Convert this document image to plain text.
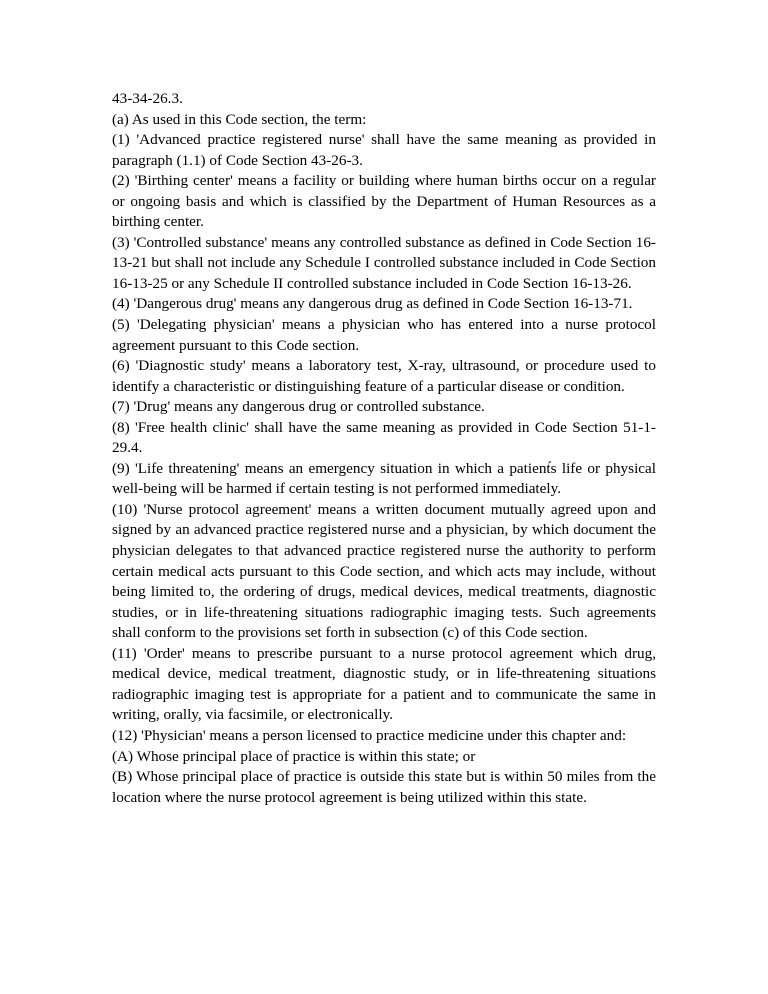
43-34-26.3.

(a) As used in this Code section, the term:

(1) 'Advanced practice registered nurse' shall have the same meaning as provided in paragraph (1.1) of Code Section 43-26-3.

(2) 'Birthing center' means a facility or building where human births occur on a regular or ongoing basis and which is classified by the Department of Human Resources as a birthing center.

(3) 'Controlled substance' means any controlled substance as defined in Code Section 16-13-21 but shall not include any Schedule I controlled substance included in Code Section 16-13-25 or any Schedule II controlled substance included in Code Section 16-13-26.

(4) 'Dangerous drug' means any dangerous drug as defined in Code Section 16-13-71.

(5) 'Delegating physician' means a physician who has entered into a nurse protocol agreement pursuant to this Code section.

(6) 'Diagnostic study' means a laboratory test, X-ray, ultrasound, or procedure used to identify a characteristic or distinguishing feature of a particular disease or condition.

(7) 'Drug' means any dangerous drug or controlled substance.

(8) 'Free health clinic' shall have the same meaning as provided in Code Section 51-1-29.4.

(9) 'Life threatening' means an emergency situation in which a patient́s life or physical well-being will be harmed if certain testing is not performed immediately.

(10) 'Nurse protocol agreement' means a written document mutually agreed upon and signed by an advanced practice registered nurse and a physician, by which document the physician delegates to that advanced practice registered nurse the authority to perform certain medical acts pursuant to this Code section, and which acts may include, without being limited to, the ordering of drugs, medical devices, medical treatments, diagnostic studies, or in life-threatening situations radiographic imaging tests. Such agreements shall conform to the provisions set forth in subsection (c) of this Code section.

(11) 'Order' means to prescribe pursuant to a nurse protocol agreement which drug, medical device, medical treatment, diagnostic study, or in life-threatening situations radiographic imaging test is appropriate for a patient and to communicate the same in writing, orally, via facsimile, or electronically.

(12) 'Physician' means a person licensed to practice medicine under this chapter and:

(A) Whose principal place of practice is within this state; or

(B) Whose principal place of practice is outside this state but is within 50 miles from the location where the nurse protocol agreement is being utilized within this state.
